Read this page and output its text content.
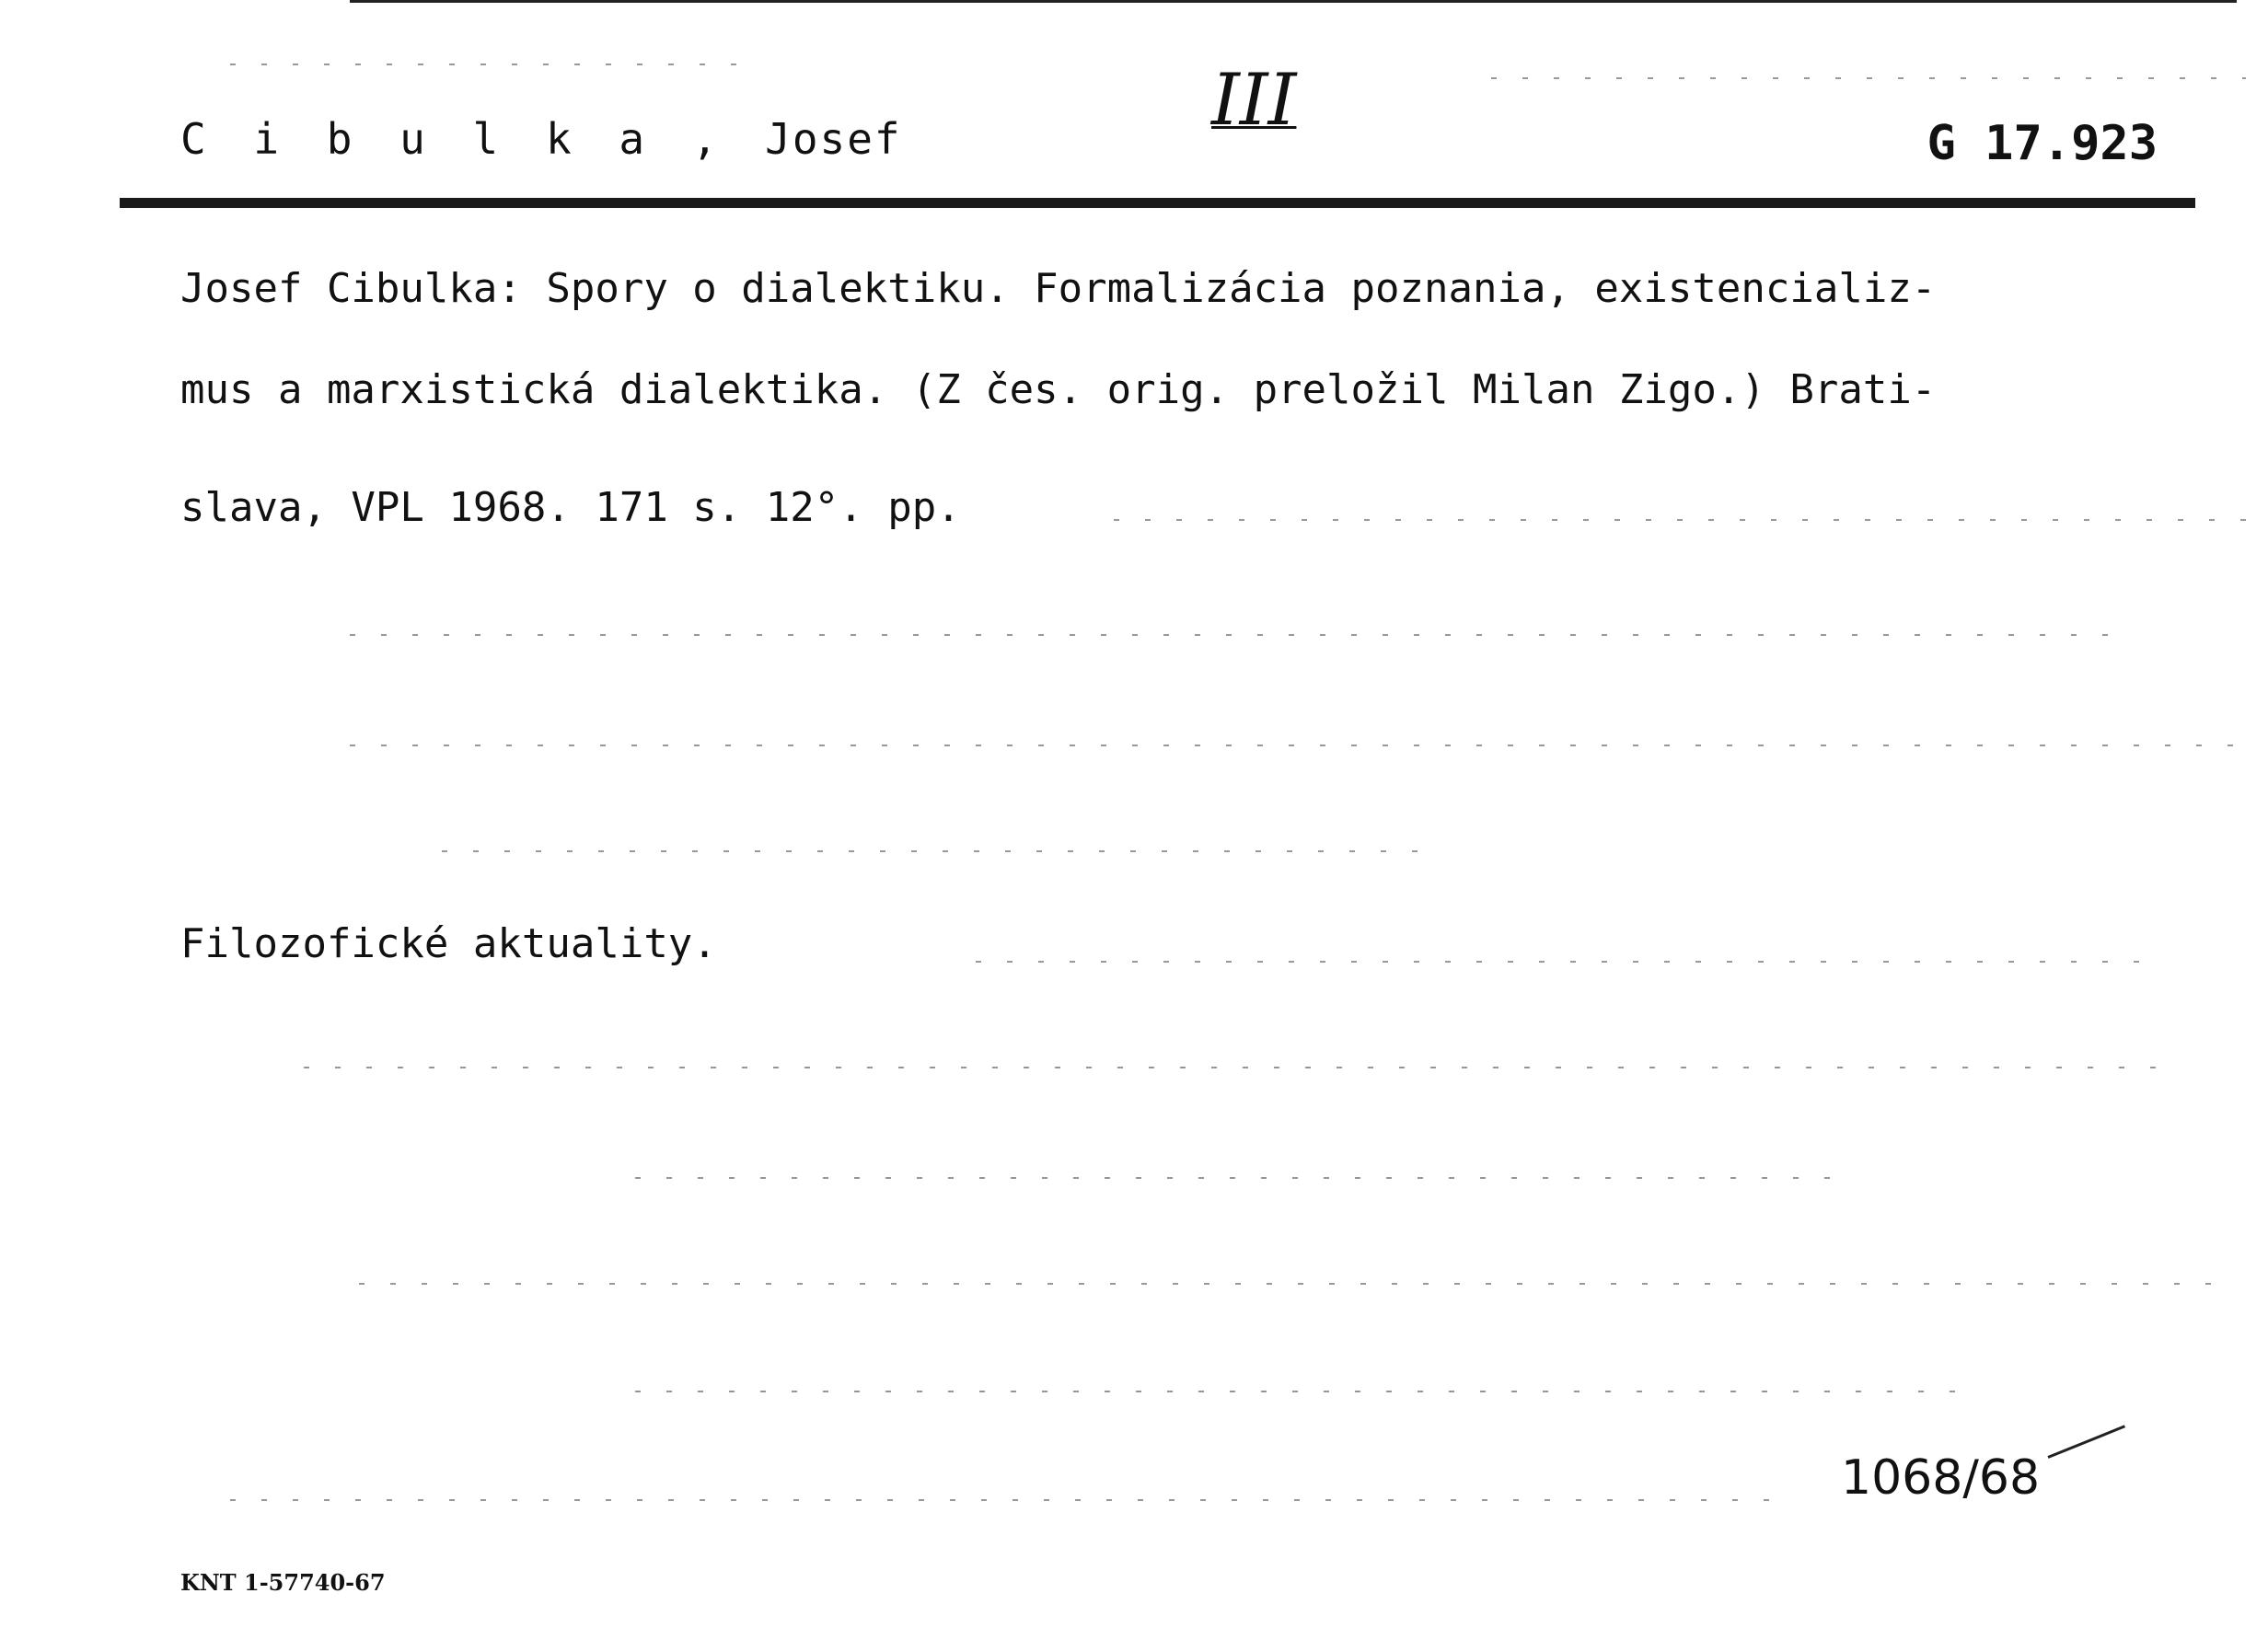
C i b u l k a , Josef	III
G 17.923
Josef Cibulka: Spory o dialektiku. Formalizácia poznania, existencializ-
mus a marxistická dialektika. (Z čes. orig. preložil Milan Zigo.) Brati-
slava, VPL 1968. 171 s. 12°. pp.
Filozofické aktuality.
1068/68
KNT 1-57740-67
